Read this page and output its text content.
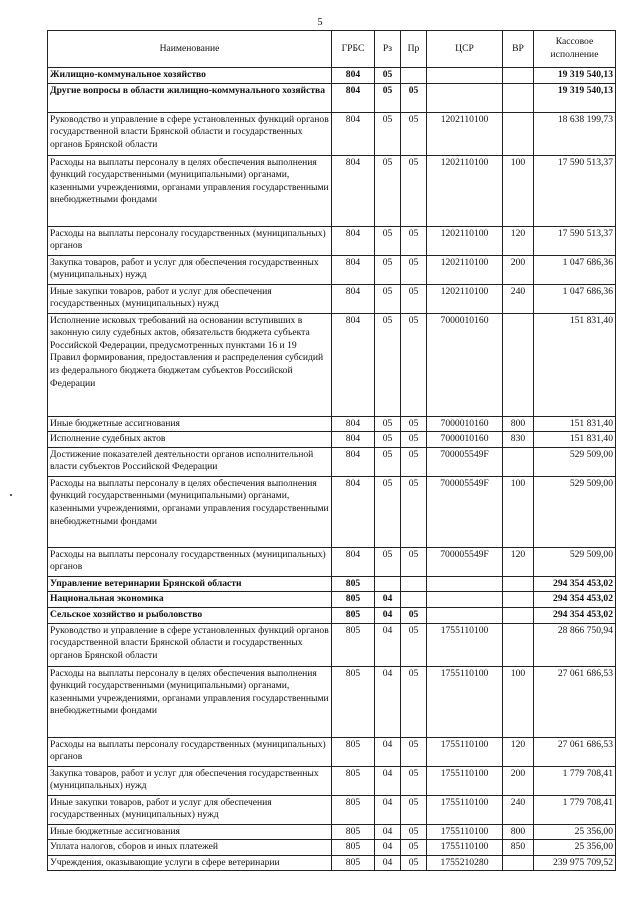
5
Наименование	ГРБС	Рз	Пр	ЦСР	ВР	Кассовое исполнение
Жилищно-коммунальное хозяйство	804	05				19 319 540,13
Другие вопросы в области жилищно-коммунального хозяйства	804	05	05			19 319 540,13
Руководство и управление в сфере установленных функций органов государственной власти Брянской области и государственных органов Брянской области	804	05	05	1202110100		18 638 199,73
Расходы на выплаты персоналу в целях обеспечения выполнения функций государственными (муниципальными) органами, казенными учреждениями, органами управления государственными внебюджетными фондами	804	05	05	1202110100	100	17 590 513,37
Расходы на выплаты персоналу государственных (муниципальных) органов	804	05	05	1202110100	120	17 590 513,37
Закупка товаров, работ и услуг для обеспечения государственных (муниципальных) нужд	804	05	05	1202110100	200	1 047 686,36
Иные закупки товаров, работ и услуг для обеспечения государственных (муниципальных) нужд	804	05	05	1202110100	240	1 047 686,36
Исполнение исковых требований на основании вступивших в законную силу судебных актов, обязательств бюджета субъекта Российской Федерации, предусмотренных пунктами 16 и 19 Правил формирования, предоставления и распределения субсидий из федерального бюджета бюджетам субъектов Российской Федерации	804	05	05	7000010160		151 831,40
Иные бюджетные ассигнования	804	05	05	7000010160	800	151 831,40
Исполнение судебных актов	804	05	05	7000010160	830	151 831,40
Достижение показателей деятельности органов исполнительной власти субъектов Российской Федерации	804	05	05	700005549F		529 509,00
Расходы на выплаты персоналу в целях обеспечения выполнения функций государственными (муниципальными) органами, казенными учреждениями, органами управления государственными внебюджетными фондами	804	05	05	700005549F	100	529 509,00
Расходы на выплаты персоналу государственных (муниципальных) органов	804	05	05	700005549F	120	529 509,00
Управление ветеринарии Брянской области	805					294 354 453,02
Национальная экономика	805	04				294 354 453,02
Сельское хозяйство и рыболовство	805	04	05			294 354 453,02
Руководство и управление в сфере установленных функций органов государственной власти Брянской области и государственных органов Брянской области	805	04	05	1755110100		28 866 750,94
Расходы на выплаты персоналу в целях обеспечения выполнения функций государственными (муниципальными) органами, казенными учреждениями, органами управления государственными внебюджетными фондами	805	04	05	1755110100	100	27 061 686,53
Расходы на выплаты персоналу государственных (муниципальных) органов	805	04	05	1755110100	120	27 061 686,53
Закупка товаров, работ и услуг для обеспечения государственных (муниципальных) нужд	805	04	05	1755110100	200	1 779 708,41
Иные закупки товаров, работ и услуг для обеспечения государственных (муниципальных) нужд	805	04	05	1755110100	240	1 779 708,41
Иные бюджетные ассигнования	805	04	05	1755110100	800	25 356,00
Уплата налогов, сборов и иных платежей	805	04	05	1755110100	850	25 356,00
Учреждения, оказывающие услуги в сфере ветеринарии	805	04	05	1755210280		239 975 709,52
